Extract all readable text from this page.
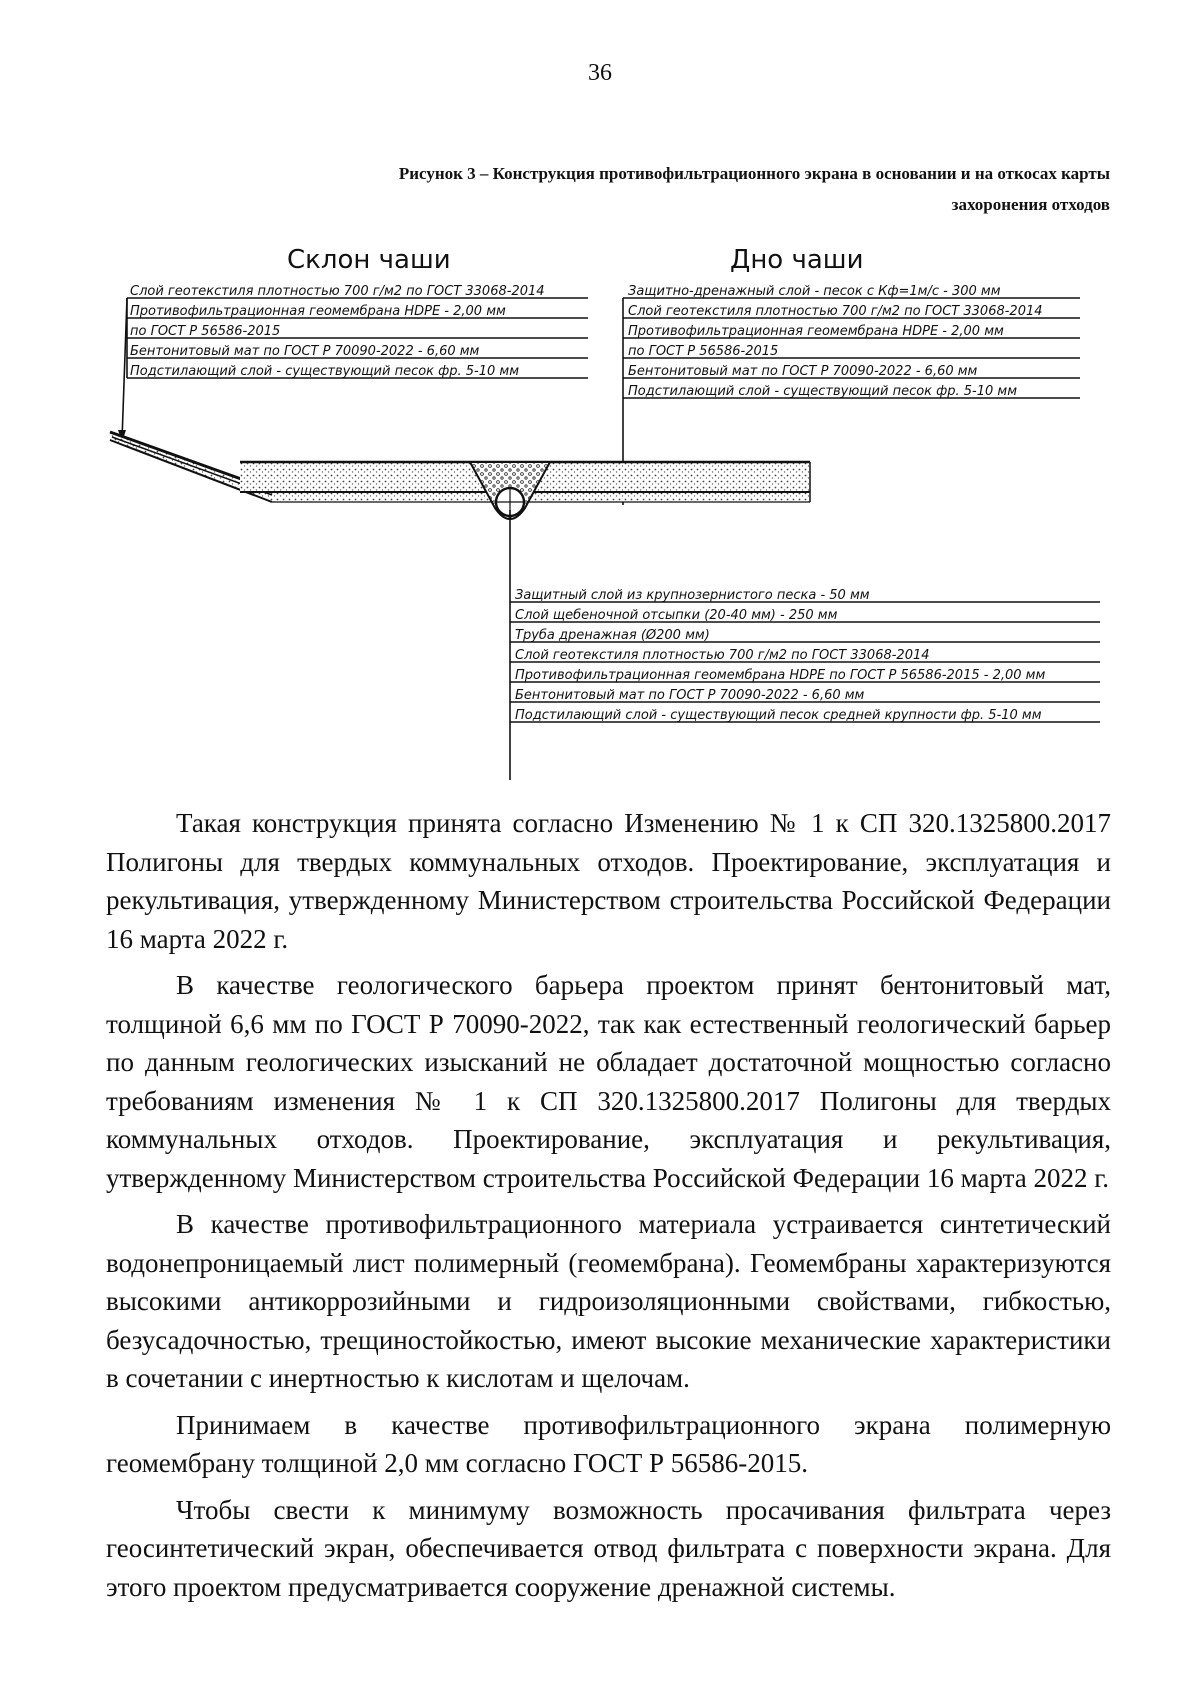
36
Рисунок 3 – Конструкция противофильтрационного экрана в основании и на откосах карты
захоронения отходов
Склон чаши	Дно чаши
Слой геотекстиля плотностью 700 г/м2 по ГОСТ 33068-2014
Противофильтрационная геомембрана HDPE - 2,00 мм
по ГОСТ Р 56586-2015
Бентонитовый мат по ГОСТ Р 70090-2022 - 6,60 мм
Подстилающий слой - существующий песок фр. 5-10 мм
Защитно-дренажный слой - песок с Кф=1м/с - 300 мм
Слой геотекстиля плотностью 700 г/м2 по ГОСТ 33068-2014
Противофильтрационная геомембрана HDPE - 2,00 мм
по ГОСТ Р 56586-2015
Бентонитовый мат по ГОСТ Р 70090-2022 - 6,60 мм
Подстилающий слой - существующий песок фр. 5-10 мм
Защитный слой из крупнозернистого песка - 50 мм
Слой щебеночной отсыпки (20-40 мм) - 250 мм
Труба дренажная (Ø200 мм)
Слой геотекстиля плотностью 700 г/м2 по ГОСТ 33068-2014
Противофильтрационная геомембрана HDPE по ГОСТ Р 56586-2015 - 2,00 мм
Бентонитовый мат по ГОСТ Р 70090-2022 - 6,60 мм
Подстилающий слой - существующий песок средней крупности фр. 5-10 мм

Такая конструкция принята согласно Изменению № 1 к СП 320.1325800.2017 Полигоны для твердых коммунальных отходов. Проектирование, эксплуатация и рекультивация, утвержденному Министерством строительства Российской Федерации 16 марта 2022 г.

В качестве геологического барьера проектом принят бентонитовый мат, толщиной 6,6 мм по ГОСТ Р 70090-2022, так как естественный геологический барьер по данным геологических изысканий не обладает достаточной мощностью согласно требованиям изменения № 1 к СП 320.1325800.2017 Полигоны для твердых коммунальных отходов. Проектирование, эксплуатация и рекультивация, утвержденному Министерством строительства Российской Федерации 16 марта 2022 г.

В качестве противофильтрационного материала устраивается синтетический водонепроницаемый лист полимерный (геомембрана). Геомембраны характеризуются высокими антикоррозийными и гидроизоляционными свойствами, гибкостью, безусадочностью, трещиностойкостью, имеют высокие механические характеристики в сочетании с инертностью к кислотам и щелочам.

Принимаем в качестве противофильтрационного экрана полимерную геомембрану толщиной 2,0 мм согласно ГОСТ Р 56586-2015.

Чтобы свести к минимуму возможность просачивания фильтрата через геосинтетический экран, обеспечивается отвод фильтрата с поверхности экрана. Для этого проектом предусматривается сооружение дренажной системы.
